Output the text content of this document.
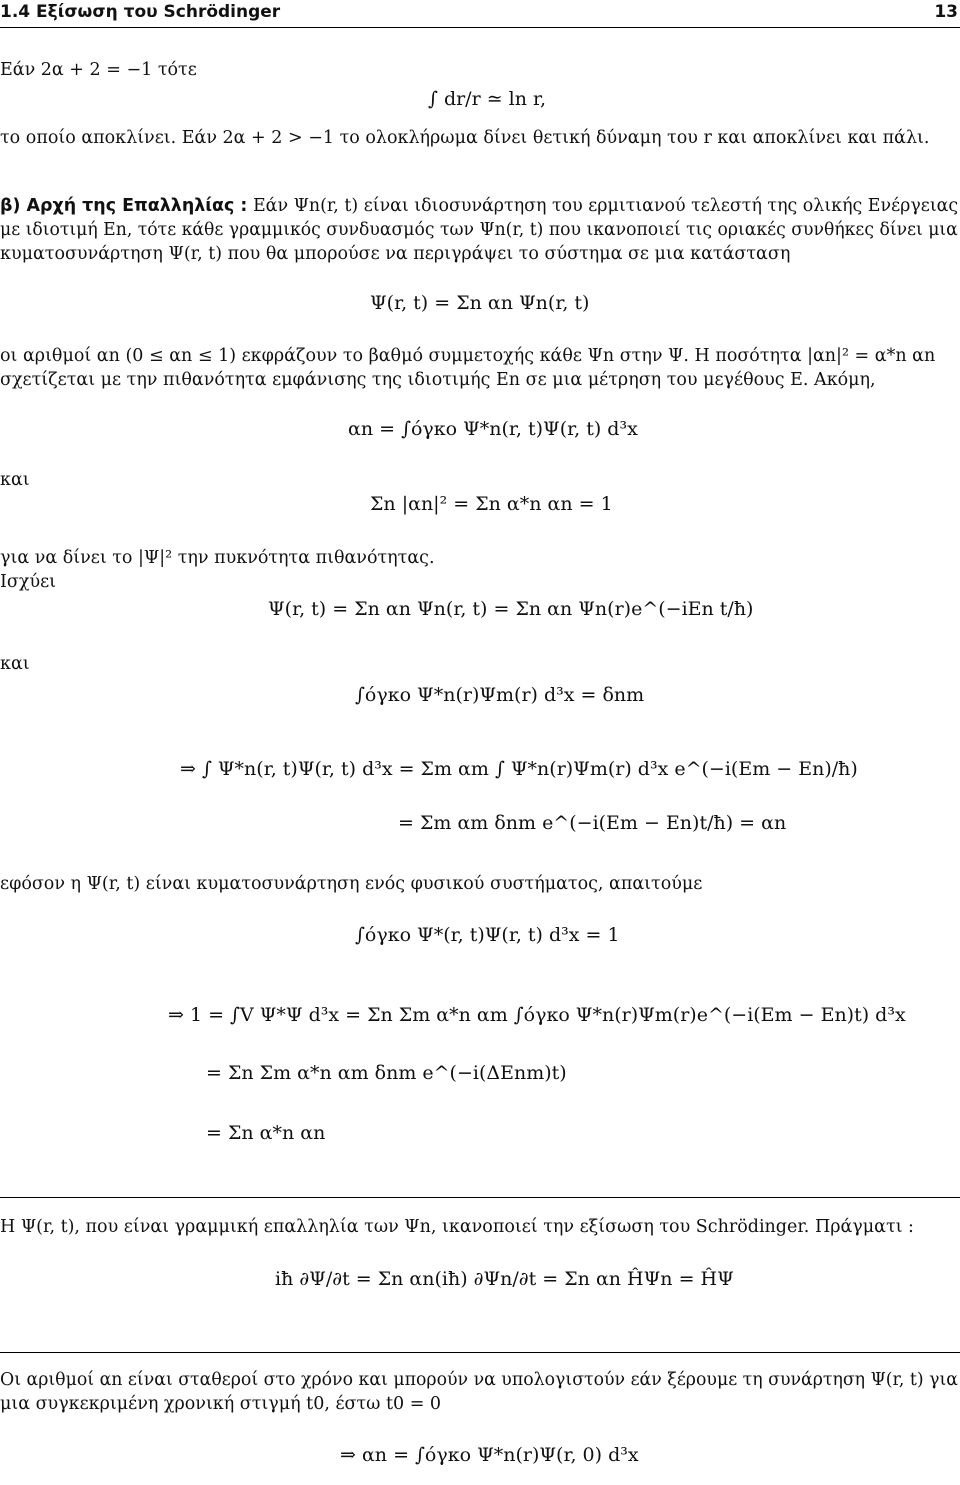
1.4 Εξίσωση του Schrödinger	13
Εάν 2α + 2 = −1 τότε
∫ dr/r ≃ ln r,
το οποίο αποκλίνει. Εάν 2α + 2 > −1 το ολοκλήρωμα δίνει θετική δύναμη του r και αποκλίνει και πάλι.
β) Αρχή της Επαλληλίας : Εάν Ψn(r, t) είναι ιδιοσυνάρτηση του ερμιτιανού τελεστή της ολικής Ενέργειας
με ιδιοτιμή En, τότε κάθε γραμμικός συνδυασμός των Ψn(r, t) που ικανοποιεί τις οριακές συνθήκες δίνει μια
κυματοσυνάρτηση Ψ(r, t) που θα μπορούσε να περιγράψει το σύστημα σε μια κατάσταση
Ψ(r, t) = Σn αn Ψn(r, t)
οι αριθμοί αn (0 ≤ αn ≤ 1) εκφράζουν το βαθμό συμμετοχής κάθε Ψn στην Ψ. Η ποσότητα |αn|² = α*n αn
σχετίζεται με την πιθανότητα εμφάνισης της ιδιοτιμής En σε μια μέτρηση του μεγέθους E. Ακόμη,
αn = ∫όγκο Ψ*n(r, t)Ψ(r, t) d³x
και
Σn |αn|² = Σn α*n αn = 1
για να δίνει το |Ψ|² την πυκνότητα πιθανότητας.
Ισχύει
Ψ(r, t) = Σn αn Ψn(r, t) = Σn αn Ψn(r)e^(−iEn t/ħ)
και
∫όγκο Ψ*n(r)Ψm(r) d³x = δnm
⇒ ∫ Ψ*n(r, t)Ψ(r, t) d³x = Σm αm ∫ Ψ*n(r)Ψm(r) d³x e^(−i(Em − En)/ħ)
= Σm αm δnm e^(−i(Em − En)t/ħ) = αn
εφόσον η Ψ(r, t) είναι κυματοσυνάρτηση ενός φυσικού συστήματος, απαιτούμε
∫όγκο Ψ*(r, t)Ψ(r, t) d³x = 1
⇒ 1 = ∫V Ψ*Ψ d³x = Σn Σm α*n αm ∫όγκο Ψ*n(r)Ψm(r)e^(−i(Em − En)t) d³x
= Σn Σm α*n αm δnm e^(−i(ΔEnm)t)
= Σn α*n αn
Η Ψ(r, t), που είναι γραμμική επαλληλία των Ψn, ικανοποιεί την εξίσωση του Schrödinger. Πράγματι :
iħ ∂Ψ/∂t = Σn αn(iħ) ∂Ψn/∂t = Σn αn ĤΨn = ĤΨ
Οι αριθμοί αn είναι σταθεροί στο χρόνο και μπορούν να υπολογιστούν εάν ξέρουμε τη συνάρτηση Ψ(r, t) για
μια συγκεκριμένη χρονική στιγμή t0, έστω t0 = 0
⇒ αn = ∫όγκο Ψ*n(r)Ψ(r, 0) d³x
